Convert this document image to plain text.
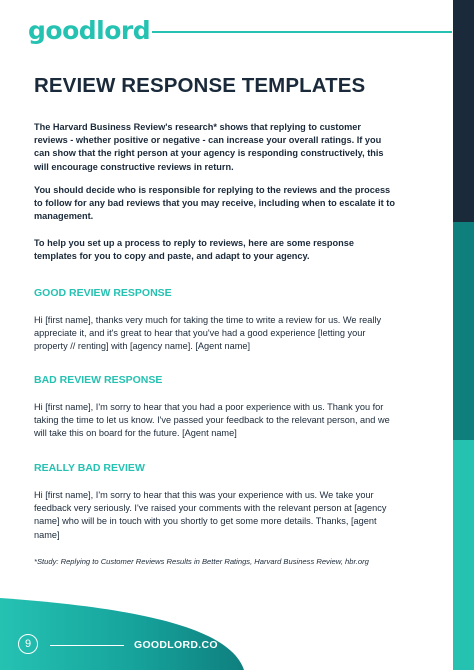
goodlord
REVIEW RESPONSE TEMPLATES

The Harvard Business Review's research* shows that replying to customer reviews - whether positive or negative - can increase your overall ratings. If you can show that the right person at your agency is responding constructively, this will encourage constructive reviews in return.

You should decide who is responsible for replying to the reviews and the process to follow for any bad reviews that you may receive, including when to escalate it to management.

To help you set up a process to reply to reviews, here are some response templates for you to copy and paste, and adapt to your agency.

GOOD REVIEW RESPONSE

Hi [first name], thanks very much for taking the time to write a review for us. We really appreciate it, and it's great to hear that you've had a good experience [letting your property // renting] with [agency name]. [Agent name]

BAD REVIEW RESPONSE

Hi [first name], I'm sorry to hear that you had a poor experience with us. Thank you for taking the time to let us know. I've passed your feedback to the relevant person, and we will take this on board for the future. [Agent name]

REALLY BAD REVIEW

Hi [first name], I'm sorry to hear that this was your experience with us. We take your feedback very seriously. I've raised your comments with the relevant person at [agency name] who will be in touch with you shortly to get some more details. Thanks, [agent name]

*Study: Replying to Customer Reviews Results in Better Ratings, Harvard Business Review, hbr.org

9	GOODLORD.CO
